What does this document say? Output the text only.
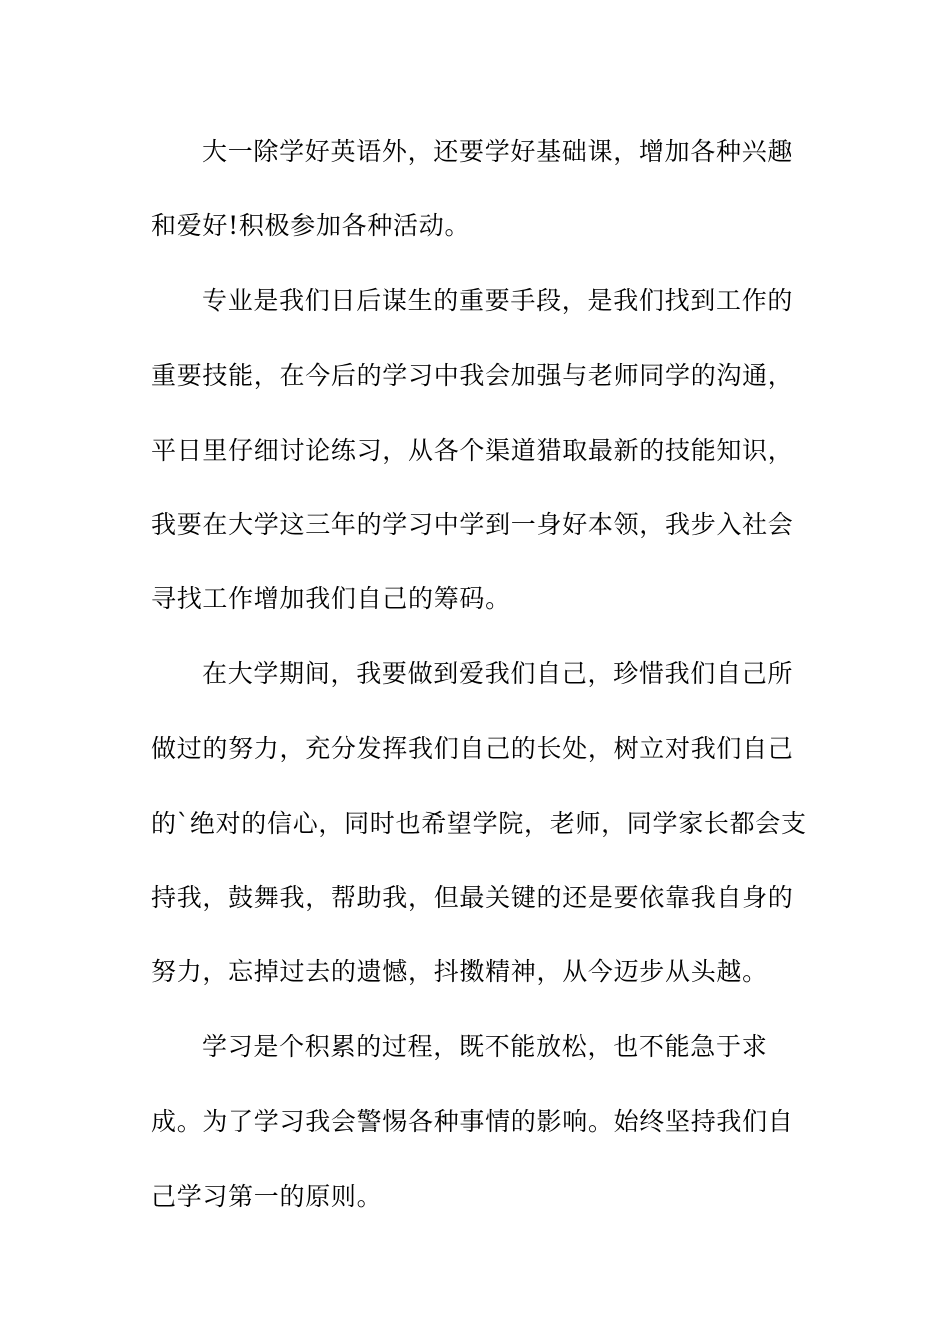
大一除学好英语外，还要学好基础课，增加各种兴趣
和爱好!积极参加各种活动。
专业是我们日后谋生的重要手段，是我们找到工作的
重要技能，在今后的学习中我会加强与老师同学的沟通，
平日里仔细讨论练习，从各个渠道猎取最新的技能知识，
我要在大学这三年的学习中学到一身好本领，我步入社会
寻找工作增加我们自己的筹码。
在大学期间，我要做到爱我们自己，珍惜我们自己所
做过的努力，充分发挥我们自己的长处，树立对我们自己
的`绝对的信心，同时也希望学院，老师，同学家长都会支
持我，鼓舞我，帮助我，但最关键的还是要依靠我自身的
努力，忘掉过去的遗憾，抖擞精神，从今迈步从头越。
学习是个积累的过程，既不能放松，也不能急于求
成。为了学习我会警惕各种事情的影响。始终坚持我们自
己学习第一的原则。
